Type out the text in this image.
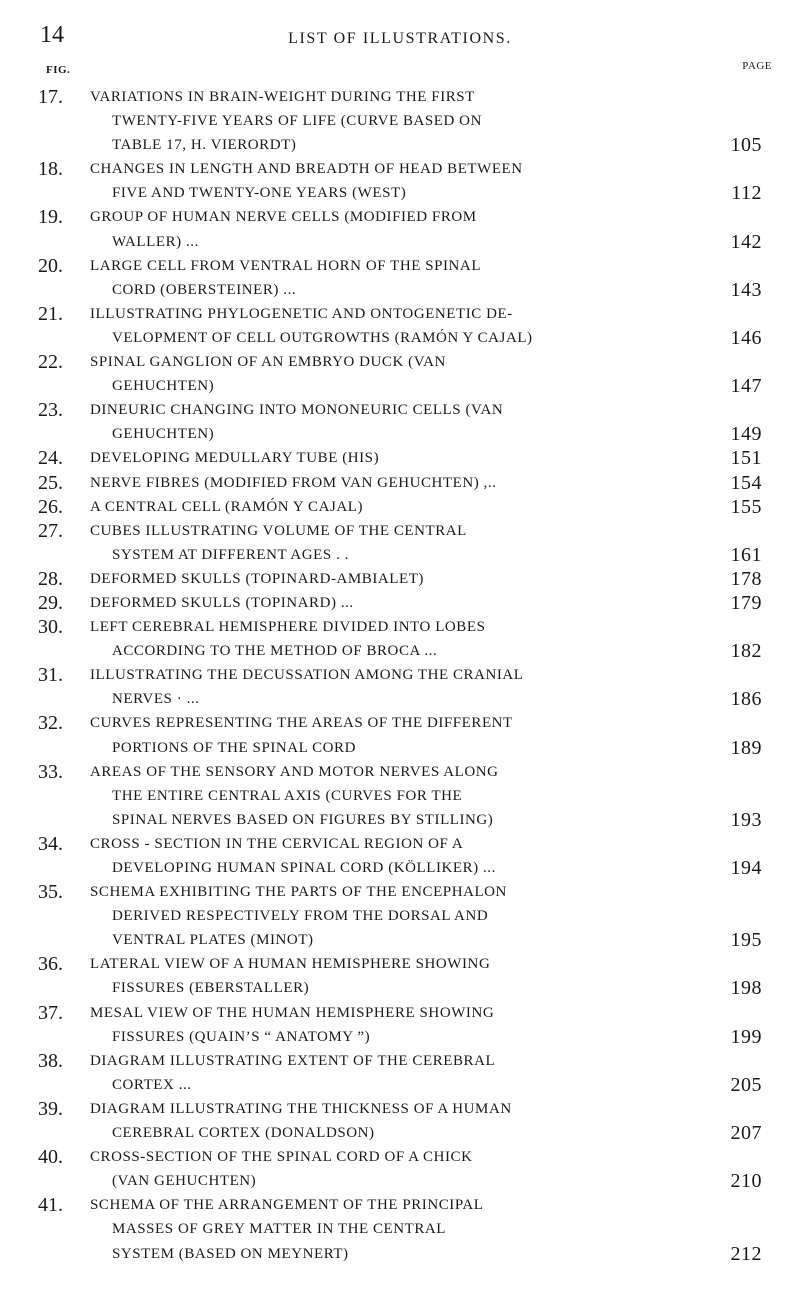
14	LIST OF ILLUSTRATIONS.
FIG.	PAGE
17. VARIATIONS IN BRAIN-WEIGHT DURING THE FIRST
TWENTY-FIVE YEARS OF LIFE (CURVE BASED ON
TABLE 17, H. VIERORDT)	105
18. CHANGES IN LENGTH AND BREADTH OF HEAD BETWEEN
FIVE AND TWENTY-ONE YEARS (WEST)	112
19. GROUP OF HUMAN NERVE CELLS (MODIFIED FROM
WALLER) ...	142
20. LARGE CELL FROM VENTRAL HORN OF THE SPINAL
CORD (OBERSTEINER) ...	143
21. ILLUSTRATING PHYLOGENETIC AND ONTOGENETIC DE-
VELOPMENT OF CELL OUTGROWTHS (RAMÓN Y CAJAL)	146
22. SPINAL GANGLION OF AN EMBRYO DUCK (VAN
GEHUCHTEN)	147
23. DINEURIC CHANGING INTO MONONEURIC CELLS (VAN
GEHUCHTEN)	149
24. DEVELOPING MEDULLARY TUBE (HIS)	151
25. NERVE FIBRES (MODIFIED FROM VAN GEHUCHTEN) ,..	154
26. A CENTRAL CELL (RAMÓN Y CAJAL)	155
27. CUBES ILLUSTRATING VOLUME OF THE CENTRAL
SYSTEM AT DIFFERENT AGES . .	161
28. DEFORMED SKULLS (TOPINARD-AMBIALET)	178
29. DEFORMED SKULLS (TOPINARD) ...	179
30. LEFT CEREBRAL HEMISPHERE DIVIDED INTO LOBES
ACCORDING TO THE METHOD OF BROCA ...	182
31. ILLUSTRATING THE DECUSSATION AMONG THE CRANIAL
NERVES · ...	186
32. CURVES REPRESENTING THE AREAS OF THE DIFFERENT
PORTIONS OF THE SPINAL CORD	189
33. AREAS OF THE SENSORY AND MOTOR NERVES ALONG
THE ENTIRE CENTRAL AXIS (CURVES FOR THE
SPINAL NERVES BASED ON FIGURES BY STILLING)	193
34. CROSS - SECTION IN THE CERVICAL REGION OF A
DEVELOPING HUMAN SPINAL CORD (KÖLLIKER) ...	194
35. SCHEMA EXHIBITING THE PARTS OF THE ENCEPHALON
DERIVED RESPECTIVELY FROM THE DORSAL AND
VENTRAL PLATES (MINOT)	195
36. LATERAL VIEW OF A HUMAN HEMISPHERE SHOWING
FISSURES (EBERSTALLER)	198
37. MESAL VIEW OF THE HUMAN HEMISPHERE SHOWING
FISSURES (QUAIN’S “ ANATOMY ”)	199
38. DIAGRAM ILLUSTRATING EXTENT OF THE CEREBRAL
CORTEX ...	205
39. DIAGRAM ILLUSTRATING THE THICKNESS OF A HUMAN
CEREBRAL CORTEX (DONALDSON)	207
40. CROSS-SECTION OF THE SPINAL CORD OF A CHICK
(VAN GEHUCHTEN)	210
41. SCHEMA OF THE ARRANGEMENT OF THE PRINCIPAL
MASSES OF GREY MATTER IN THE CENTRAL
SYSTEM (BASED ON MEYNERT)	212
